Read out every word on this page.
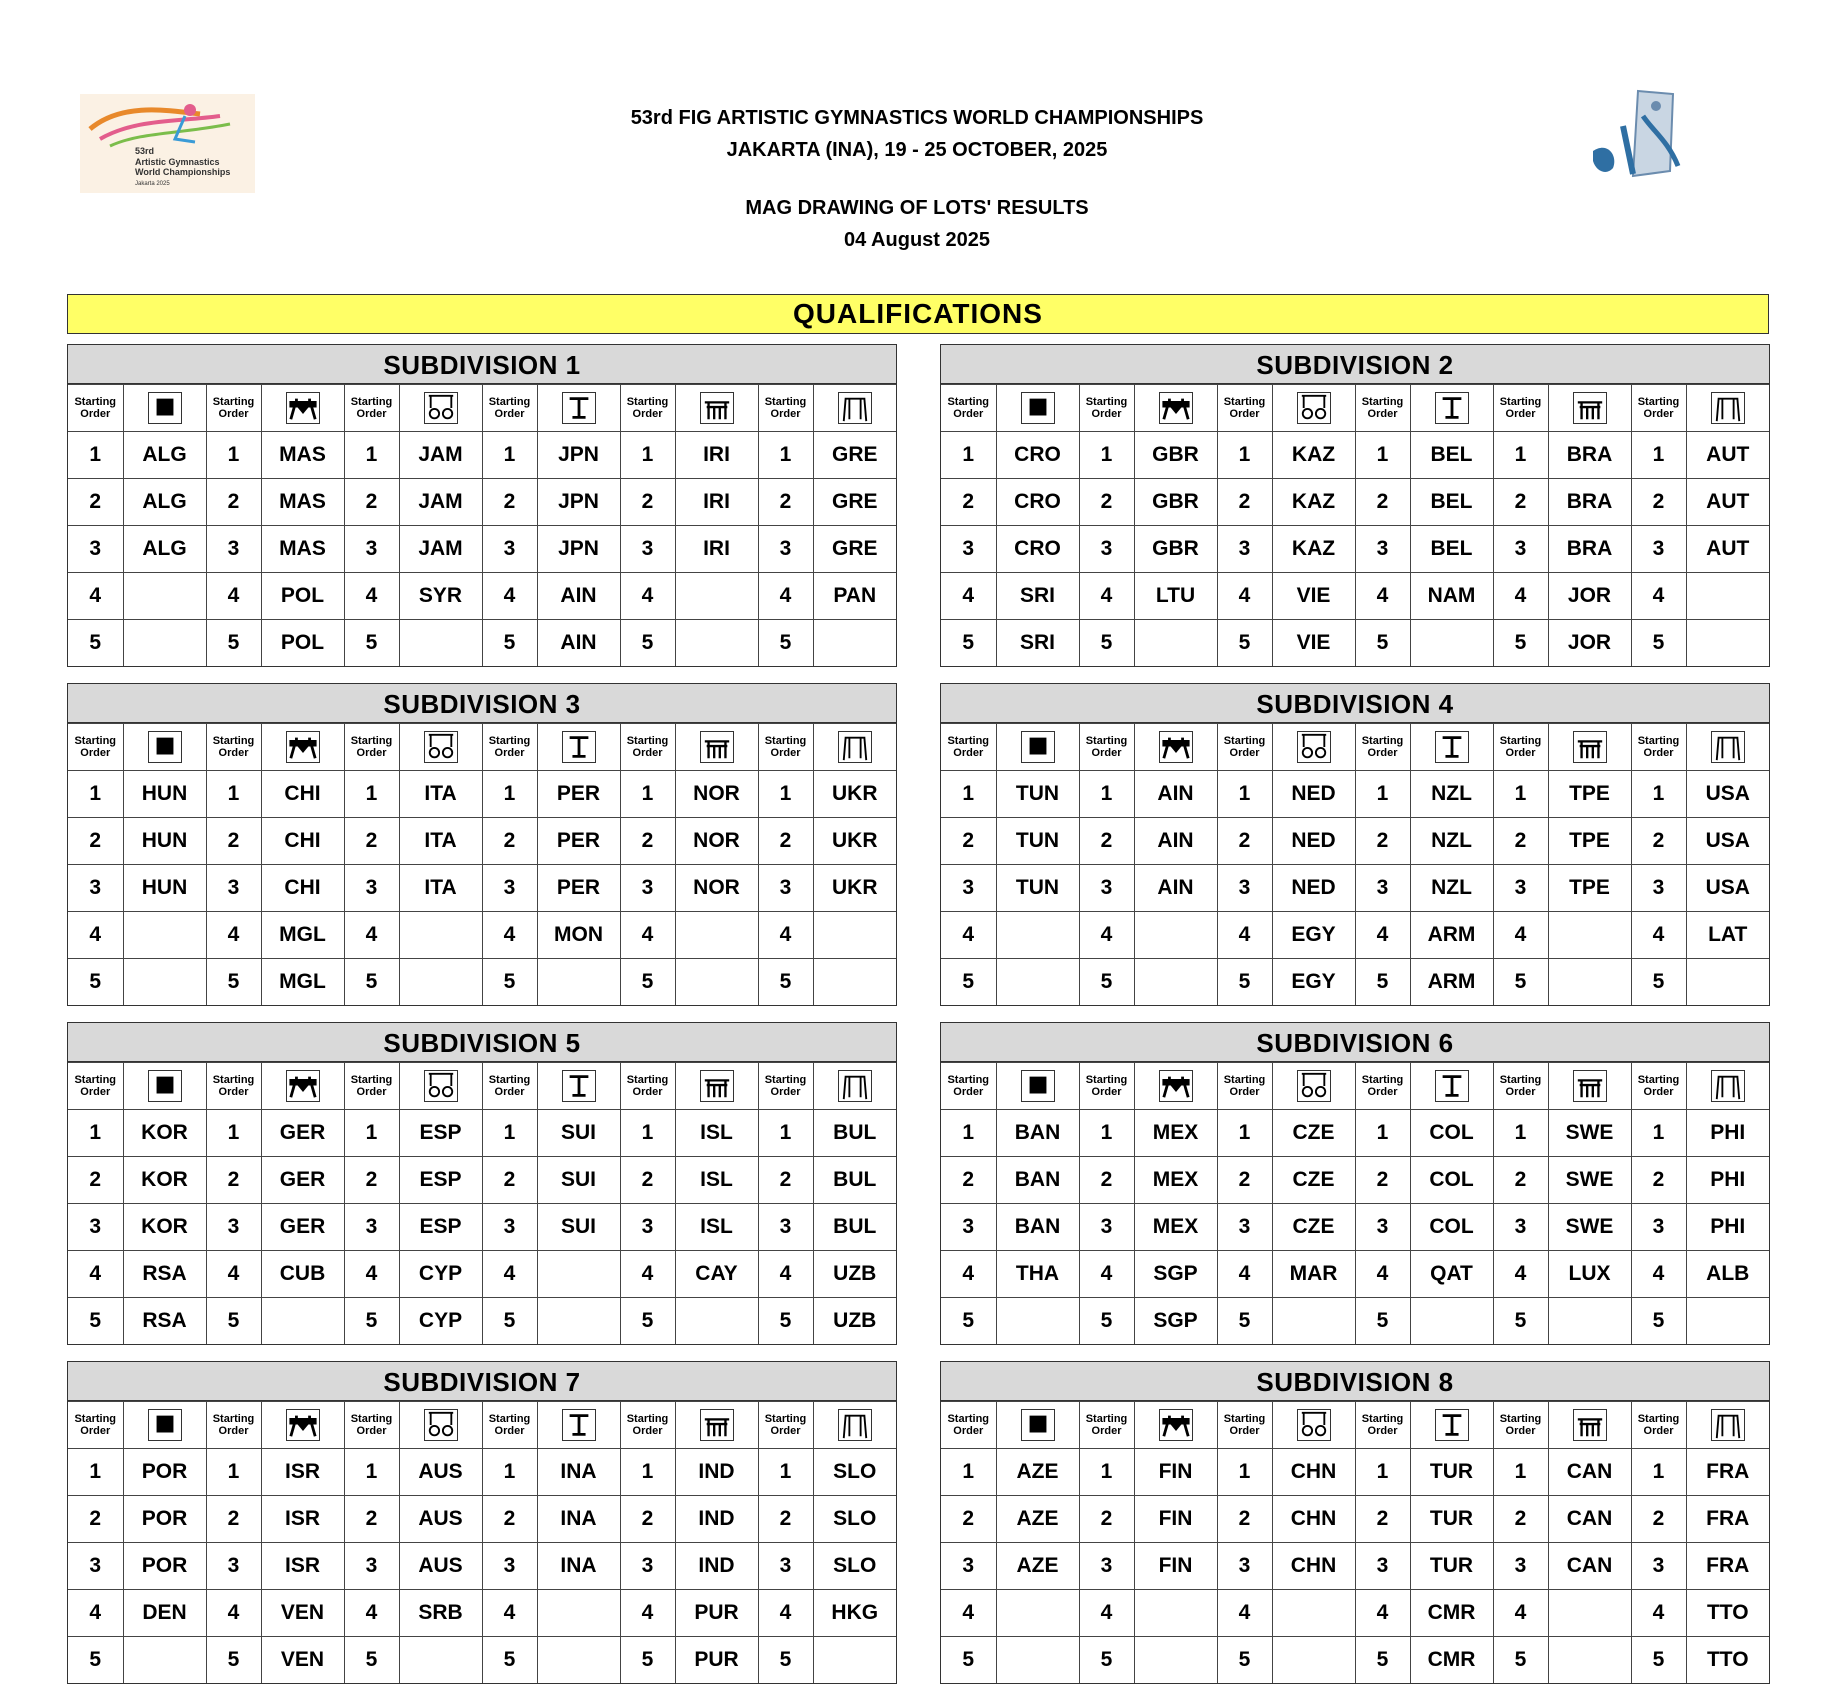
53rd
Artistic Gymnastics
World Championships
Jakarta 2025
53rd FIG ARTISTIC GYMNASTICS WORLD CHAMPIONSHIPS
JAKARTA (INA), 19 - 25 OCTOBER, 2025
MAG DRAWING OF LOTS' RESULTS
04 August 2025
QUALIFICATIONS
SUBDIVISION 1
Starting
Order		Starting
Order		Starting
Order		Starting
Order		Starting
Order		Starting
Order	

1	ALG	1	MAS	1	JAM	1	JPN	1	IRI	1	GRE
2	ALG	2	MAS	2	JAM	2	JPN	2	IRI	2	GRE
3	ALG	3	MAS	3	JAM	3	JPN	3	IRI	3	GRE
4		4	POL	4	SYR	4	AIN	4		4	PAN
5		5	POL	5		5	AIN	5		5	
SUBDIVISION 2
Starting
Order		Starting
Order		Starting
Order		Starting
Order		Starting
Order		Starting
Order	

1	CRO	1	GBR	1	KAZ	1	BEL	1	BRA	1	AUT
2	CRO	2	GBR	2	KAZ	2	BEL	2	BRA	2	AUT
3	CRO	3	GBR	3	KAZ	3	BEL	3	BRA	3	AUT
4	SRI	4	LTU	4	VIE	4	NAM	4	JOR	4	
5	SRI	5		5	VIE	5		5	JOR	5	
SUBDIVISION 3
Starting
Order		Starting
Order		Starting
Order		Starting
Order		Starting
Order		Starting
Order	

1	HUN	1	CHI	1	ITA	1	PER	1	NOR	1	UKR
2	HUN	2	CHI	2	ITA	2	PER	2	NOR	2	UKR
3	HUN	3	CHI	3	ITA	3	PER	3	NOR	3	UKR
4		4	MGL	4		4	MON	4		4	
5		5	MGL	5		5		5		5	
SUBDIVISION 4
Starting
Order		Starting
Order		Starting
Order		Starting
Order		Starting
Order		Starting
Order	

1	TUN	1	AIN	1	NED	1	NZL	1	TPE	1	USA
2	TUN	2	AIN	2	NED	2	NZL	2	TPE	2	USA
3	TUN	3	AIN	3	NED	3	NZL	3	TPE	3	USA
4		4		4	EGY	4	ARM	4		4	LAT
5		5		5	EGY	5	ARM	5		5	
SUBDIVISION 5
Starting
Order		Starting
Order		Starting
Order		Starting
Order		Starting
Order		Starting
Order	

1	KOR	1	GER	1	ESP	1	SUI	1	ISL	1	BUL
2	KOR	2	GER	2	ESP	2	SUI	2	ISL	2	BUL
3	KOR	3	GER	3	ESP	3	SUI	3	ISL	3	BUL
4	RSA	4	CUB	4	CYP	4		4	CAY	4	UZB
5	RSA	5		5	CYP	5		5		5	UZB
SUBDIVISION 6
Starting
Order		Starting
Order		Starting
Order		Starting
Order		Starting
Order		Starting
Order	

1	BAN	1	MEX	1	CZE	1	COL	1	SWE	1	PHI
2	BAN	2	MEX	2	CZE	2	COL	2	SWE	2	PHI
3	BAN	3	MEX	3	CZE	3	COL	3	SWE	3	PHI
4	THA	4	SGP	4	MAR	4	QAT	4	LUX	4	ALB
5		5	SGP	5		5		5		5	
SUBDIVISION 7
Starting
Order		Starting
Order		Starting
Order		Starting
Order		Starting
Order		Starting
Order	

1	POR	1	ISR	1	AUS	1	INA	1	IND	1	SLO
2	POR	2	ISR	2	AUS	2	INA	2	IND	2	SLO
3	POR	3	ISR	3	AUS	3	INA	3	IND	3	SLO
4	DEN	4	VEN	4	SRB	4		4	PUR	4	HKG
5		5	VEN	5		5		5	PUR	5	
SUBDIVISION 8
Starting
Order		Starting
Order		Starting
Order		Starting
Order		Starting
Order		Starting
Order	

1	AZE	1	FIN	1	CHN	1	TUR	1	CAN	1	FRA
2	AZE	2	FIN	2	CHN	2	TUR	2	CAN	2	FRA
3	AZE	3	FIN	3	CHN	3	TUR	3	CAN	3	FRA
4		4		4		4	CMR	4		4	TTO
5		5		5		5	CMR	5		5	TTO
